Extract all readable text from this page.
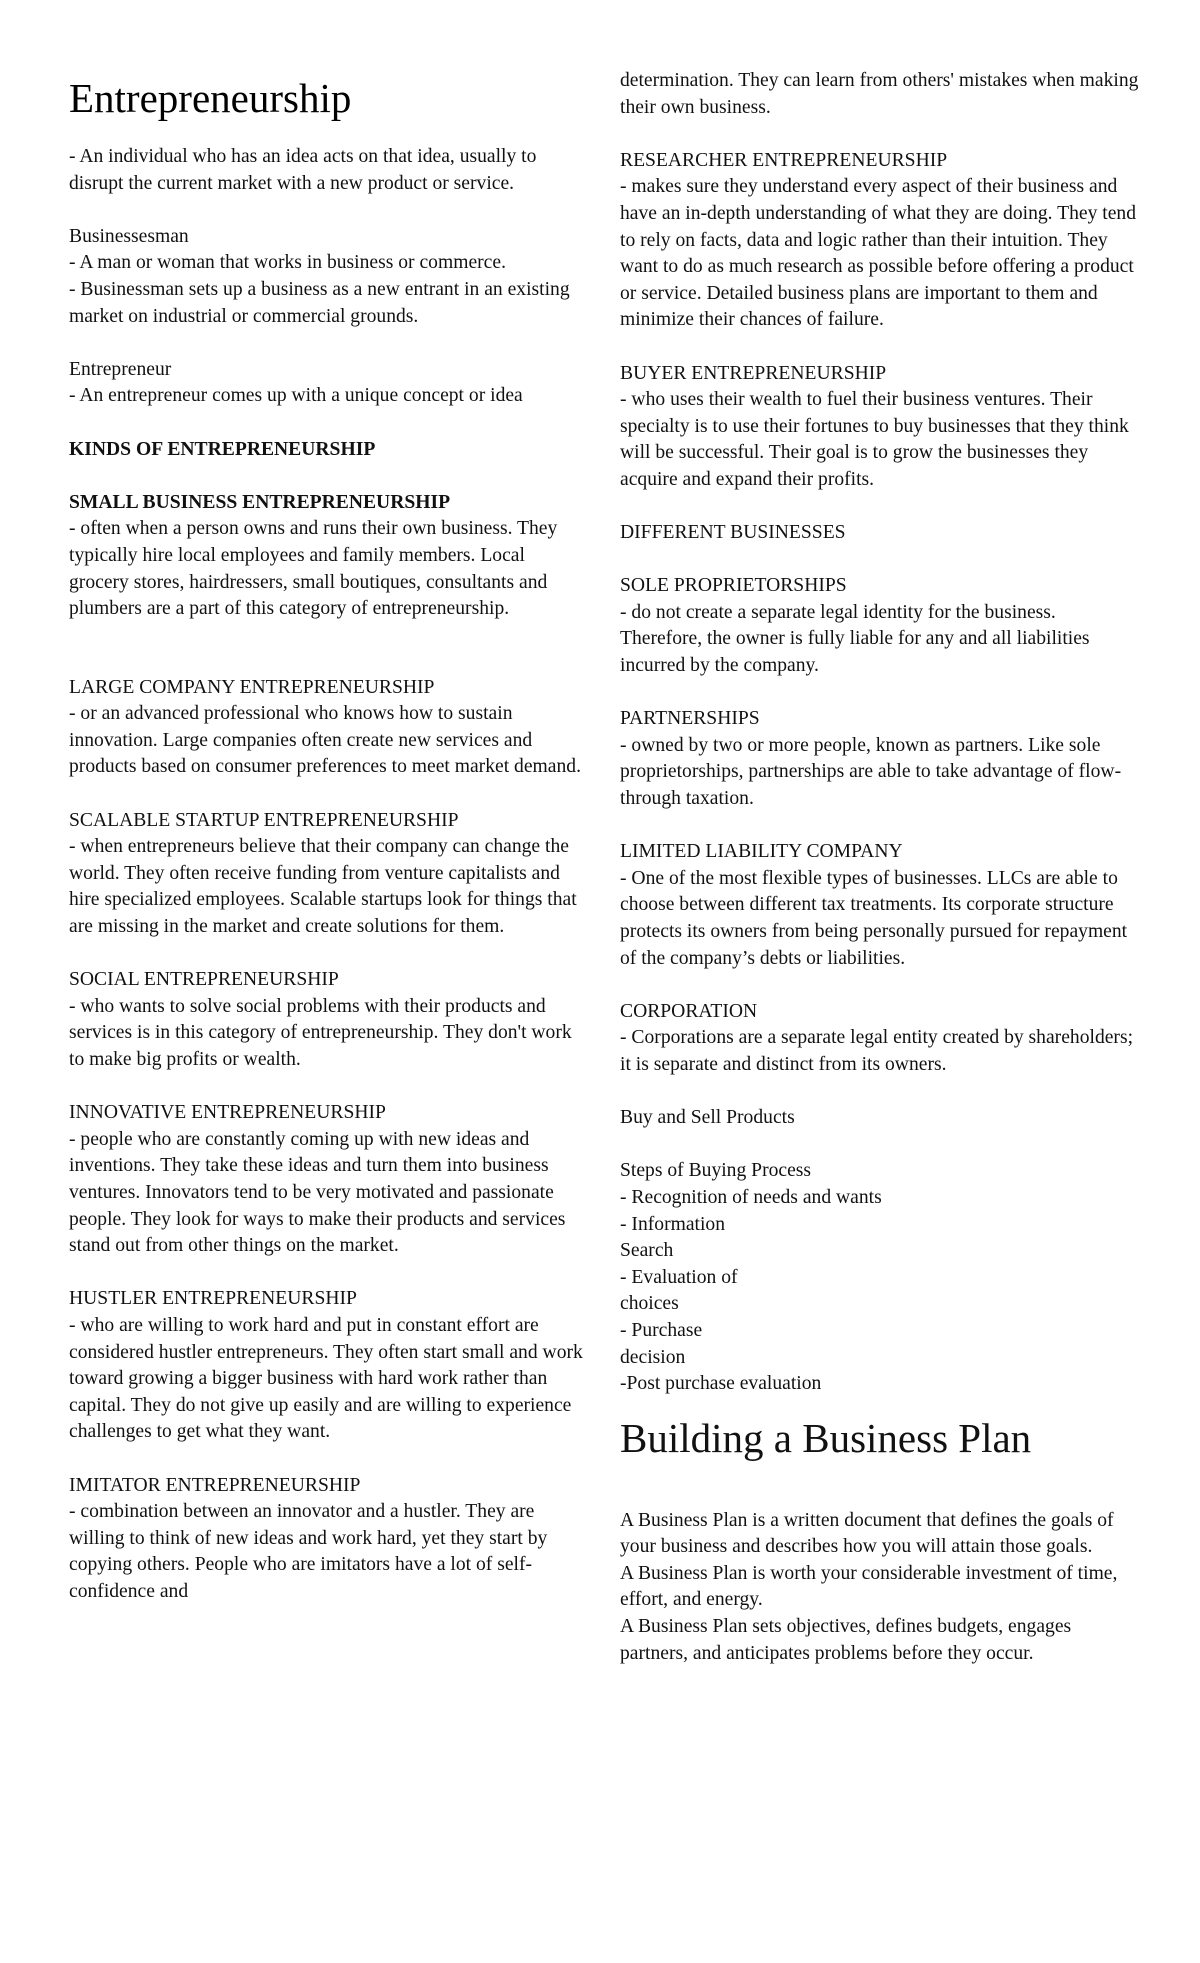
Entrepreneurship

- An individual who has an idea acts on that idea, usually to disrupt the current market with a new product or service.

Businessesman

- A man or woman that works in business or commerce.

- Businessman sets up a business as a new entrant in an existing market on industrial or commercial grounds.

Entrepreneur

- An entrepreneur comes up with a unique concept or idea

KINDS OF ENTREPRENEURSHIP

SMALL BUSINESS ENTREPRENEURSHIP

- often when a person owns and runs their own business. They typically hire local employees and family members. Local grocery stores, hairdressers, small boutiques, consultants and plumbers are a part of this category of entrepreneurship.

LARGE COMPANY ENTREPRENEURSHIP

- or an advanced professional who knows how to sustain innovation. Large companies often create new services and products based on consumer preferences to meet market demand.

SCALABLE STARTUP ENTREPRENEURSHIP

- when entrepreneurs believe that their company can change the world. They often receive funding from venture capitalists and hire specialized employees. Scalable startups look for things that are missing in the market and create solutions for them.

SOCIAL ENTREPRENEURSHIP

- who wants to solve social problems with their products and services is in this category of entrepreneurship. They don't work to make big profits or wealth.

INNOVATIVE ENTREPRENEURSHIP

- people who are constantly coming up with new ideas and inventions. They take these ideas and turn them into business ventures. Innovators tend to be very motivated and passionate people. They look for ways to make their products and services stand out from other things on the market.

HUSTLER ENTREPRENEURSHIP

- who are willing to work hard and put in constant effort are considered hustler entrepreneurs. They often start small and work toward growing a bigger business with hard work rather than capital. They do not give up easily and are willing to experience challenges to get what they want.

IMITATOR ENTREPRENEURSHIP

- combination between an innovator and a hustler. They are willing to think of new ideas and work hard, yet they start by copying others. People who are imitators have a lot of self-confidence and

determination. They can learn from others' mistakes when making their own business.

RESEARCHER ENTREPRENEURSHIP

- makes sure they understand every aspect of their business and have an in-depth understanding of what they are doing. They tend to rely on facts, data and logic rather than their intuition. They want to do as much research as possible before offering a product or service. Detailed business plans are important to them and minimize their chances of failure.

BUYER ENTREPRENEURSHIP

- who uses their wealth to fuel their business ventures. Their specialty is to use their fortunes to buy businesses that they think will be successful. Their goal is to grow the businesses they acquire and expand their profits.

DIFFERENT BUSINESSES

SOLE PROPRIETORSHIPS

- do not create a separate legal identity for the business. Therefore, the owner is fully liable for any and all liabilities incurred by the company.

PARTNERSHIPS

- owned by two or more people, known as partners. Like sole proprietorships, partnerships are able to take advantage of flow-through taxation.

LIMITED LIABILITY COMPANY

- One of the most flexible types of businesses. LLCs are able to choose between different tax treatments. Its corporate structure protects its owners from being personally pursued for repayment of the company’s debts or liabilities.

CORPORATION

- Corporations are a separate legal entity created by shareholders; it is separate and distinct from its owners.

Buy and Sell Products

Steps of Buying Process

- Recognition of needs and wants

- Information

Search

- Evaluation of

choices

- Purchase

decision

-Post purchase evaluation

Building a Business Plan

A Business Plan is a written document that defines the goals of your business and describes how you will attain those goals.

A Business Plan is worth your considerable investment of time, effort, and energy.

A Business Plan sets objectives, defines budgets, engages partners, and anticipates problems before they occur.
